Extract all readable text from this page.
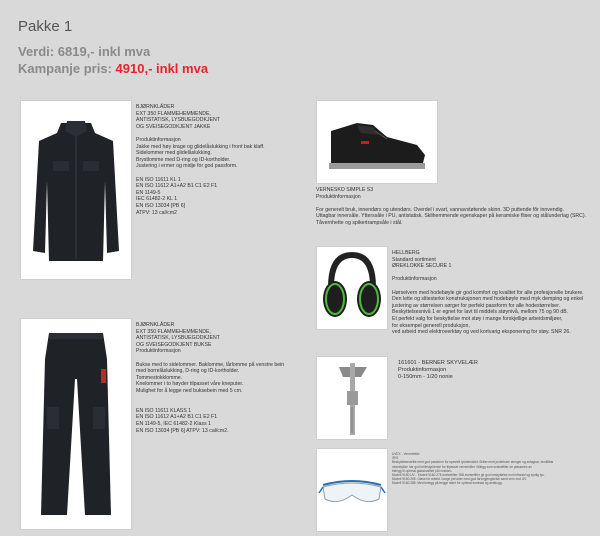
Pakke 1
Verdi: 6819,- inkl mva
Kampanje pris: 4910,- inkl mva
BJØRNKLÄDER
EXT 350 FLAMMEHEMMENDE,
ANTISTATISK, LYSBUEGODKJENT
OG SVEISEGODKJENT JAKKE

Produktinformasjon
Jakke med høy krage og glidelåslukking i front bak klaff.
Sidelommer med glidelåslukking.
Brystlomme med D-ring og ID-kortholder.
Justering i ermer og midje for god passform.

EN ISO 11611 KL 1
EN ISO 11612 A1+A2 B1 C1 E2 F1
EN 1149-5
IEC 61482-2 KL 1
EN ISO 13034 [PB 6]
ATPV: 13 cal/cm2
VERNESKO SIMPLE S3
Produktinformasjon

For generelt bruk, innendørs og utendørs. Overdel i svart, vannavstøtende skinn. 3D puttende fôr innvendig.
Uttagbar innersåle. Ytterssåle i PU, antistatisk. Sklihemmende egenskaper på keramiske fliser og stålunderlag (SRC).
Tåvernhette og spikertrampsåle i stål.
HELLBERG
Standard sortiment
ØREKLOKKE SECURE 1

Produktinformasjon

Hørselvern med hodebøyle gir god komfort og kvalitet for alle profesjonelle brukere.
Den lette og slitesterke konstruksjonen med hodebøyle med myk demping og enkel
justering av størrelsen sørger for perfekt passform for alle hodestørrelser.
Beskyttelsesnivå 1 er egnet for lavt til middels støynivå, mellom 75 og 90 dB.
Et perfekt valg for beskyttelse mot støy i mange forskjellige arbeidsmiljøer,
for eksempel generell produksjon,
ved arbeid med elektroverktøy og ved kortvarig eksponering for støy. SNR 26.
BJØRNKLÄDER
EXT 350 FLAMMEHEMMENDE,
ANTISTATISK, LYSBUEGODKJENT
OG SVEISEGODKJENT BUKSE
Produktinformasjon

Bukse med to sidelommer. Baklomme, lårlomme på venstre bein
med borrelåslukking, D-ring og ID-kortholder.
Tommestokklomme.
Knelommer i to høyder tilpasset våre kneputer.
Mulighet for å legge ned buksebein med 5 cm.

EN ISO 11611 KLASS 1
EN ISO 11612 A1+A2 B1 C1 E2 F1
EN 1149-5, IEC 61482-2 Klass 1
EN ISO 13034 [PB 6] ATPV: 13 cal/cm2.
161601 - BERNER SKYVELÆR
Produktinformasjon
0-150mm - 1/20 nonie
UVEX - Vernebriller
IRIS
Beskyttelsesbrille med god passform for spesielt lysintensitet. Briller med justerbare stenger og avtagbar, enstillbar
nesestykke har god brillestyrkende for tilpasset vernebriller i tillegg som sveisefilter de plasseres av
belegg til optimal glasskvalitet på innsiden.
Modell 9160 UV... Modell 9160.275 sveisetilter: Blå-sveisefilter gir god beskyttelse mot infrarød og synlig lys.
Modell 9160.265: Glass for arbeid i lange perioder med god farvegjengivelse samt vern mot UV.
Modell 9160.285: Med belegg på begge sider for optimal kontrast og antidugg.
